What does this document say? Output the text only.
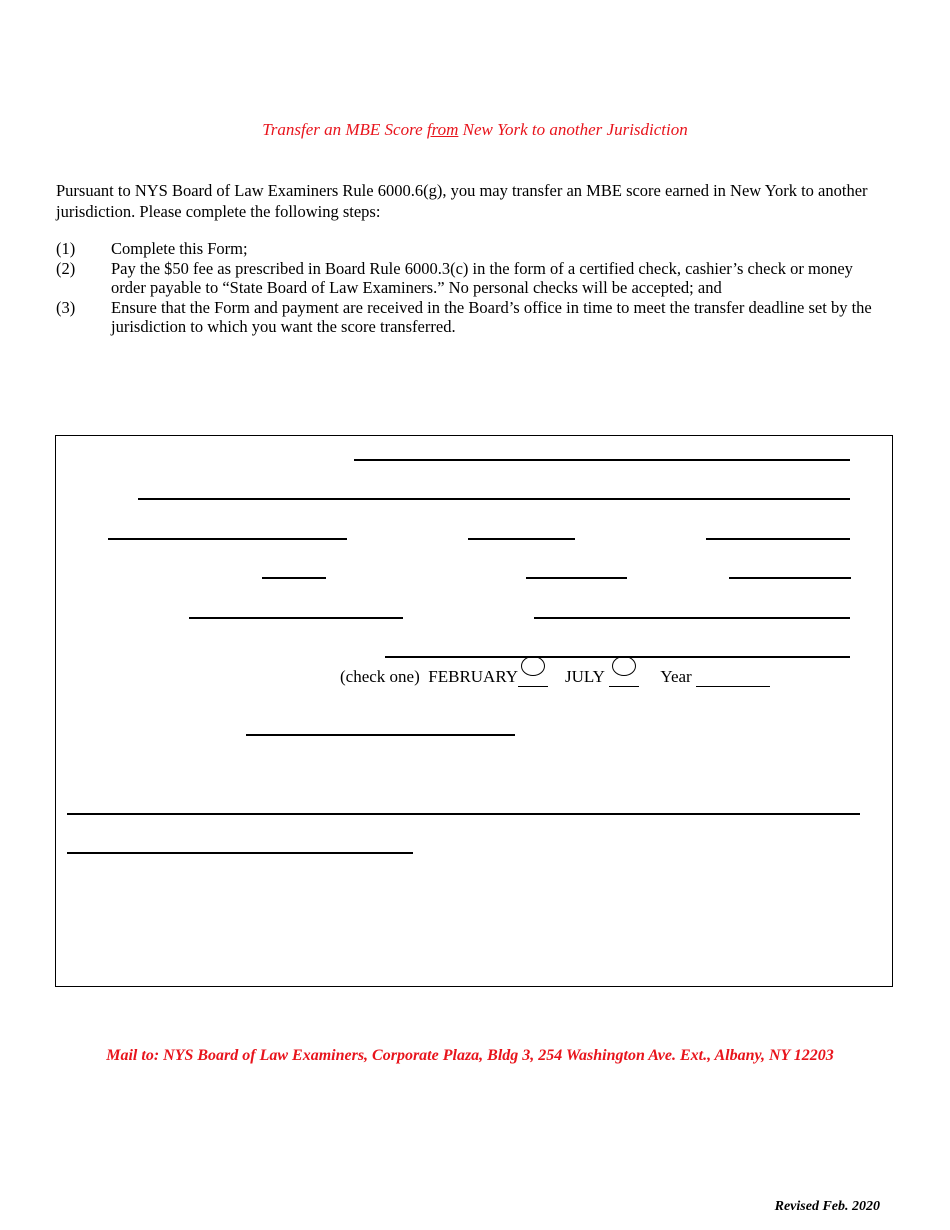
Transfer an MBE Score from New York to another Jurisdiction
Pursuant to NYS Board of Law Examiners Rule 6000.6(g), you may transfer an MBE score earned in New York to another jurisdiction. Please complete the following steps:
(1)	Complete this Form;
(2)	Pay the $50 fee as prescribed in Board Rule 6000.3(c) in the form of a certified check, cashier’s check or money order payable to “State Board of Law Examiners.” No personal checks will be accepted; and
(3)	Ensure that the Form and payment are received in the Board’s office in time to meet the transfer deadline set by the jurisdiction to which you want the score transferred.
(check one) FEBRUARY	JULY	Year
Mail to: NYS Board of Law Examiners, Corporate Plaza, Bldg 3, 254 Washington Ave. Ext., Albany, NY 12203
Revised Feb. 2020
